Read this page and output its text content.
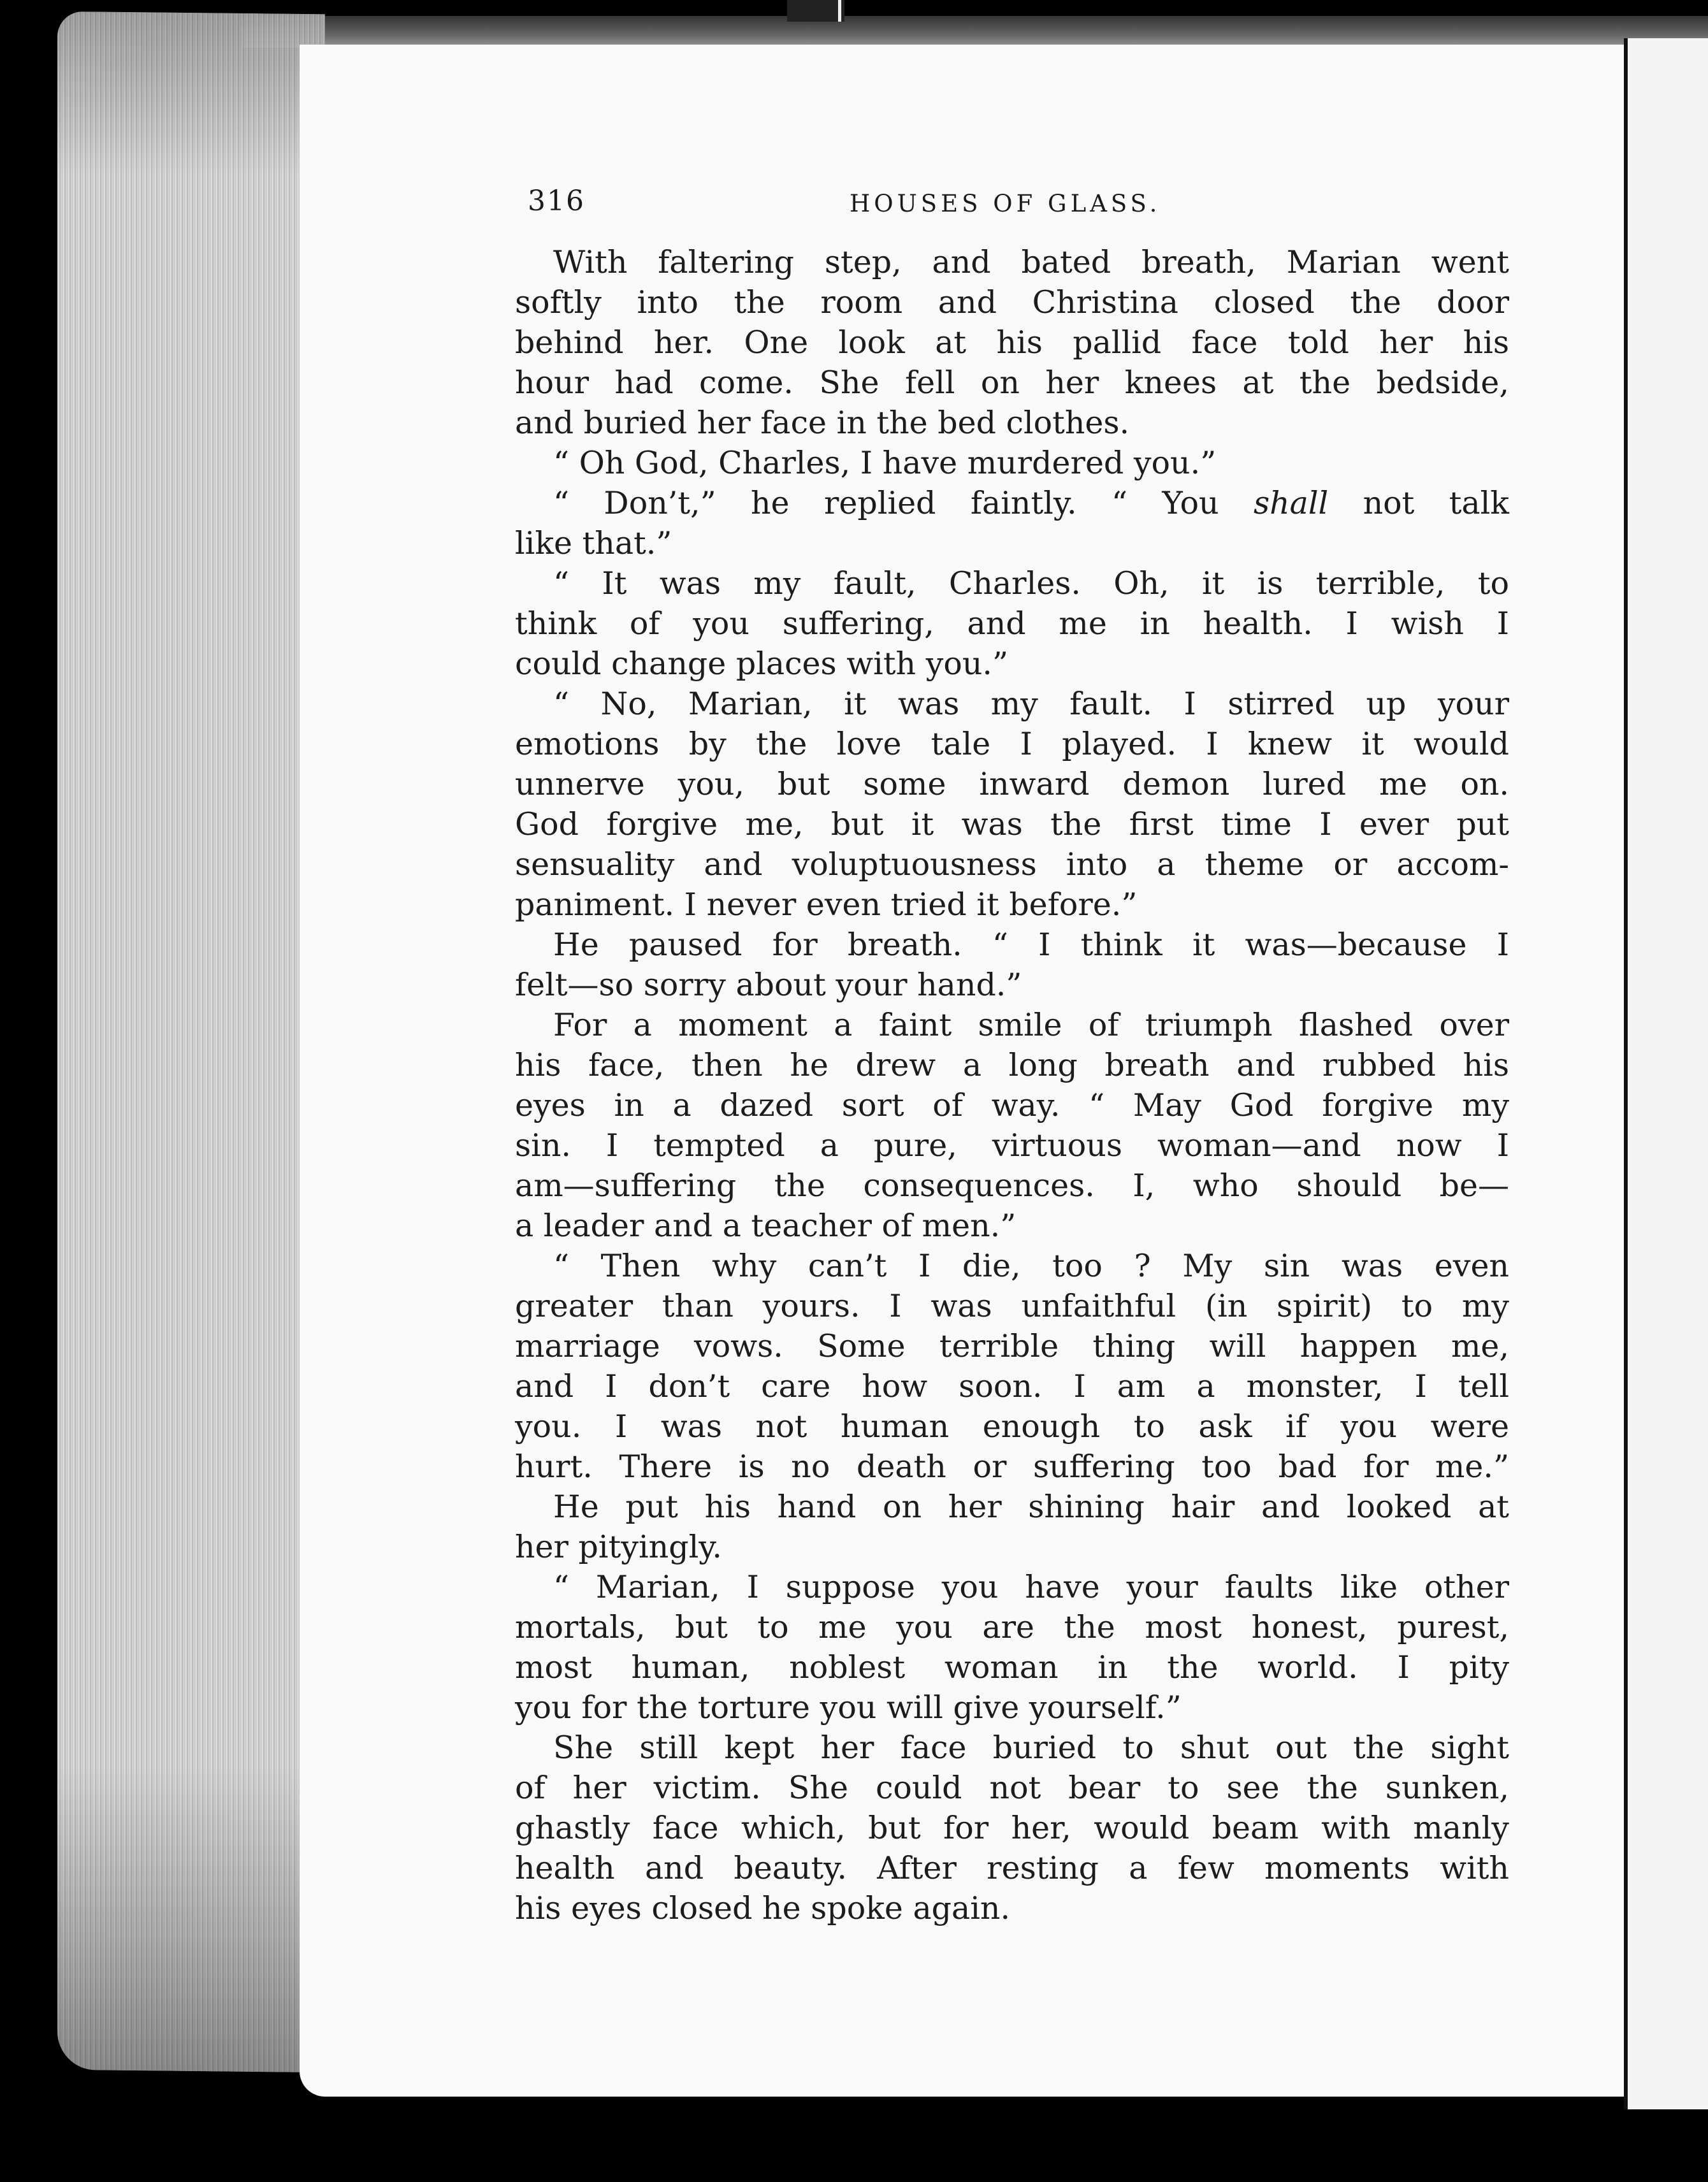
316	HOUSES OF GLASS.
With faltering step, and bated breath, Marian went
softly into the room and Christina closed the door
behind her. One look at his pallid face told her his
hour had come. She fell on her knees at the bedside,
and buried her face in the bed clothes.
“ Oh God, Charles, I have murdered you.”
“ Don’t,” he replied faintly. “ You shall not talk
like that.”
“ It was my fault, Charles. Oh, it is terrible, to
think of you suffering, and me in health. I wish I
could change places with you.”
“ No, Marian, it was my fault. I stirred up your
emotions by the love tale I played. I knew it would
unnerve you, but some inward demon lured me on.
God forgive me, but it was the first time I ever put
sensuality and voluptuousness into a theme or accom-
paniment. I never even tried it before.”
He paused for breath. “ I think it was—because I
felt—so sorry about your hand.”
For a moment a faint smile of triumph flashed over
his face, then he drew a long breath and rubbed his
eyes in a dazed sort of way. “ May God forgive my
sin. I tempted a pure, virtuous woman—and now I
am—suffering the consequences. I, who should be—
a leader and a teacher of men.”
“ Then why can’t I die, too ? My sin was even
greater than yours. I was unfaithful (in spirit) to my
marriage vows. Some terrible thing will happen me,
and I don’t care how soon. I am a monster, I tell
you. I was not human enough to ask if you were
hurt. There is no death or suffering too bad for me.”
He put his hand on her shining hair and looked at
her pityingly.
“ Marian, I suppose you have your faults like other
mortals, but to me you are the most honest, purest,
most human, noblest woman in the world. I pity
you for the torture you will give yourself.”
She still kept her face buried to shut out the sight
of her victim. She could not bear to see the sunken,
ghastly face which, but for her, would beam with manly
health and beauty. After resting a few moments with
his eyes closed he spoke again.
